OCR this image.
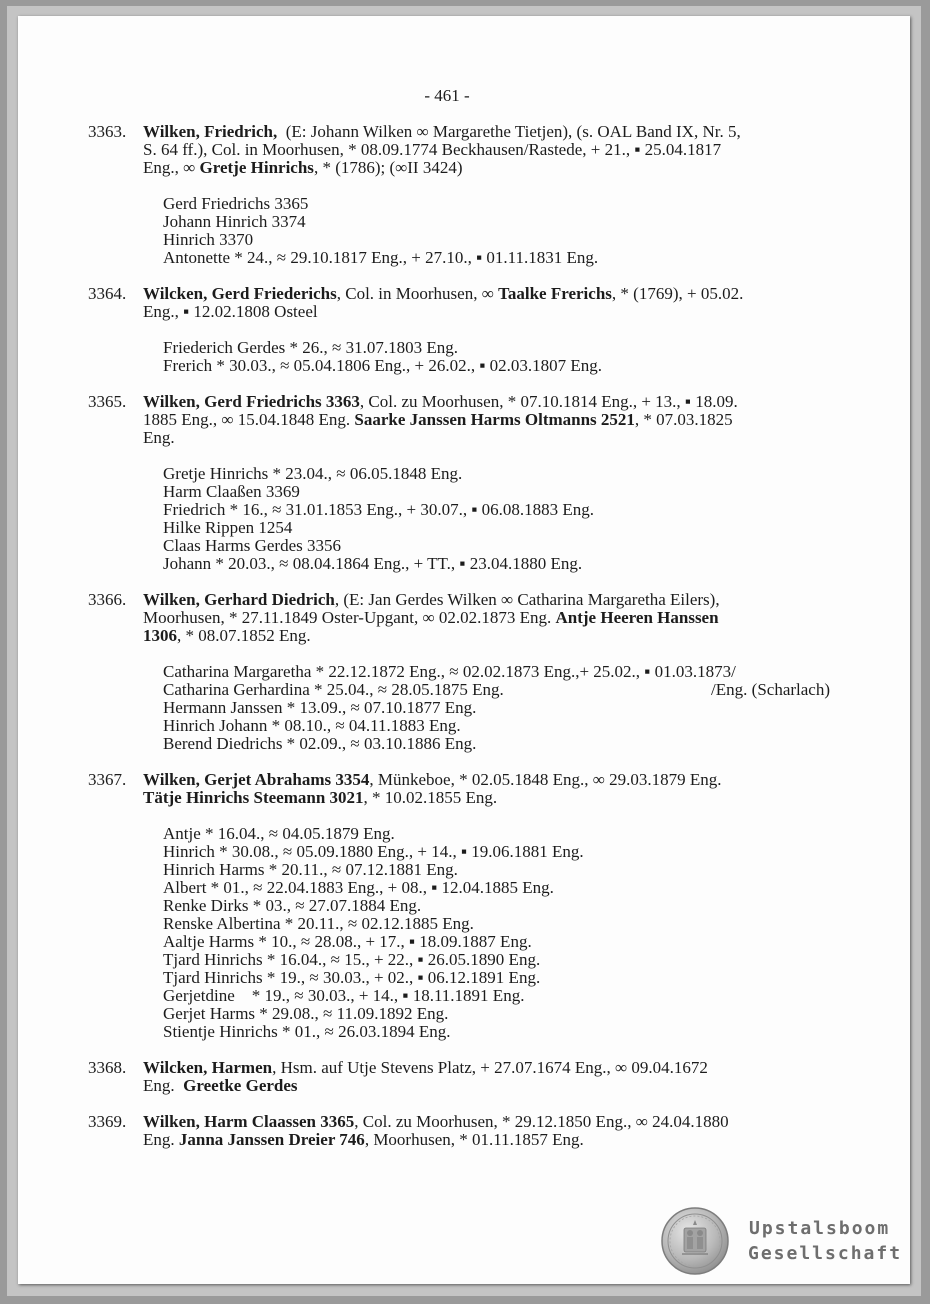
- 461 -
3363. Wilken, Friedrich,  (E: Johann Wilken ∞ Margarethe Tietjen), (s. OAL Band IX, Nr. 5,
S. 64 ff.), Col. in Moorhusen, * 08.09.1774 Beckhausen/Rastede, + 21., ▪ 25.04.1817
Eng., ∞ Gretje Hinrichs, * (1786); (∞II 3424)
Gerd Friedrichs 3365
Johann Hinrich 3374
Hinrich 3370
Antonette * 24., ≈ 29.10.1817 Eng., + 27.10., ▪ 01.11.1831 Eng.
3364. Wilcken, Gerd Friederichs, Col. in Moorhusen, ∞ Taalke Frerichs, * (1769), + 05.02.
Eng., ▪ 12.02.1808 Osteel
Friederich Gerdes * 26., ≈ 31.07.1803 Eng.
Frerich * 30.03., ≈ 05.04.1806 Eng., + 26.02., ▪ 02.03.1807 Eng.
3365. Wilken, Gerd Friedrichs 3363, Col. zu Moorhusen, * 07.10.1814 Eng., + 13., ▪ 18.09.
1885 Eng., ∞ 15.04.1848 Eng. Saarke Janssen Harms Oltmanns 2521, * 07.03.1825
Eng.
Gretje Hinrichs * 23.04., ≈ 06.05.1848 Eng.
Harm Claaßen 3369
Friedrich * 16., ≈ 31.01.1853 Eng., + 30.07., ▪ 06.08.1883 Eng.
Hilke Rippen 1254
Claas Harms Gerdes 3356
Johann * 20.03., ≈ 08.04.1864 Eng., + TT., ▪ 23.04.1880 Eng.
3366. Wilken, Gerhard Diedrich, (E: Jan Gerdes Wilken ∞ Catharina Margaretha Eilers),
Moorhusen, * 27.11.1849 Oster-Upgant, ∞ 02.02.1873 Eng. Antje Heeren Hanssen
1306, * 08.07.1852 Eng.
Catharina Margaretha * 22.12.1872 Eng., ≈ 02.02.1873 Eng.,+ 25.02., ▪ 01.03.1873/
Catharina Gerhardina * 25.04., ≈ 28.05.1875 Eng.	/Eng. (Scharlach)
Hermann Janssen * 13.09., ≈ 07.10.1877 Eng.
Hinrich Johann * 08.10., ≈ 04.11.1883 Eng.
Berend Diedrichs * 02.09., ≈ 03.10.1886 Eng.
3367. Wilken, Gerjet Abrahams 3354, Münkeboe, * 02.05.1848 Eng., ∞ 29.03.1879 Eng.
Tätje Hinrichs Steemann 3021, * 10.02.1855 Eng.
Antje * 16.04., ≈ 04.05.1879 Eng.
Hinrich * 30.08., ≈ 05.09.1880 Eng., + 14., ▪ 19.06.1881 Eng.
Hinrich Harms * 20.11., ≈ 07.12.1881 Eng.
Albert * 01., ≈ 22.04.1883 Eng., + 08., ▪ 12.04.1885 Eng.
Renke Dirks * 03., ≈ 27.07.1884 Eng.
Renske Albertina * 20.11., ≈ 02.12.1885 Eng.
Aaltje Harms * 10., ≈ 28.08., + 17., ▪ 18.09.1887 Eng.
Tjard Hinrichs * 16.04., ≈ 15., + 22., ▪ 26.05.1890 Eng.
Tjard Hinrichs * 19., ≈ 30.03., + 02., ▪ 06.12.1891 Eng.
Gerjetdine    * 19., ≈ 30.03., + 14., ▪ 18.11.1891 Eng.
Gerjet Harms * 29.08., ≈ 11.09.1892 Eng.
Stientje Hinrichs * 01., ≈ 26.03.1894 Eng.
3368. Wilcken, Harmen, Hsm. auf Utje Stevens Platz, + 27.07.1674 Eng., ∞ 09.04.1672
Eng.  Greetke Gerdes
3369. Wilken, Harm Claassen 3365, Col. zu Moorhusen, * 29.12.1850 Eng., ∞ 24.04.1880
Eng. Janna Janssen Dreier 746, Moorhusen, * 01.11.1857 Eng.
Upstalsboom
Gesellschaft
